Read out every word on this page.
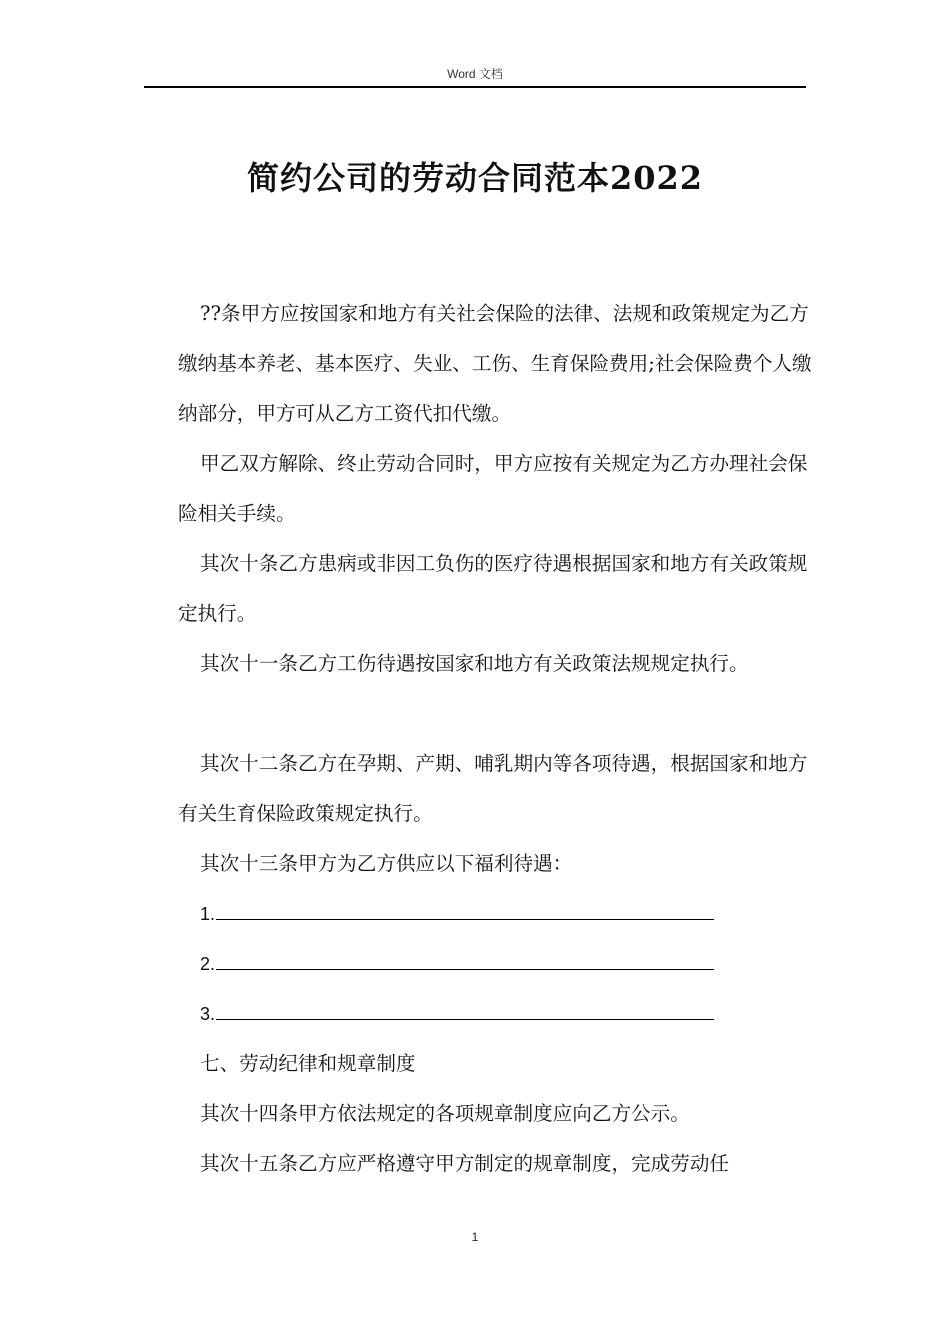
Word 文档
简约公司的劳动合同范本2022

??条甲方应按国家和地方有关社会保险的法律、法规和政策规定为乙方缴纳基本养老、基本医疗、失业、工伤、生育保险费用;社会保险费个人缴纳部分，甲方可从乙方工资代扣代缴。

甲乙双方解除、终止劳动合同时，甲方应按有关规定为乙方办理社会保险相关手续。

其次十条乙方患病或非因工负伤的医疗待遇根据国家和地方有关政策规定执行。

其次十一条乙方工伤待遇按国家和地方有关政策法规规定执行。

其次十二条乙方在孕期、产期、哺乳期内等各项待遇，根据国家和地方有关生育保险政策规定执行。

其次十三条甲方为乙方供应以下福利待遇：

1.

2.

3.

七、劳动纪律和规章制度

其次十四条甲方依法规定的各项规章制度应向乙方公示。

其次十五条乙方应严格遵守甲方制定的规章制度，完成劳动任

1
